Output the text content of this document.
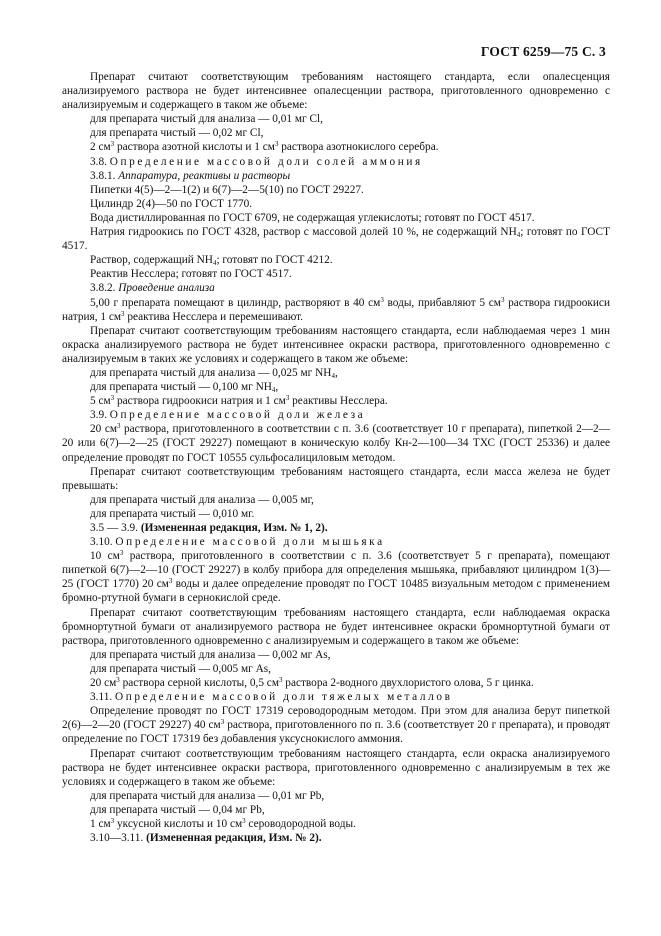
ГОСТ 6259—75 С. 3

Препарат считают соответствующим требованиям настоящего стандарта, если опалесценция анализируемого раствора не будет интенсивнее опалесценции раствора, приготовленного одновременно с анализируемым и содержащего в таком же объеме:

для препарата чистый для анализа — 0,01 мг Cl,

для препарата чистый — 0,02 мг Cl,

2 $см^3$ раствора азотной кислоты и 1 $см^3$ раствора азотнокислого серебра.

3.8. Определение массовой доли солей аммония

3.8.1. Аппаратура, реактивы и растворы

Пипетки 4(5)—2—1(2) и 6(7)—2—5(10) по ГОСТ 29227.

Цилиндр 2(4)—50 по ГОСТ 1770.

Вода дистиллированная по ГОСТ 6709, не содержащая углекислоты; готовят по ГОСТ 4517.

Натрия гидроокись по ГОСТ 4328, раствор с массовой долей 10 %, не содержащий $NH_4$; готовят по ГОСТ 4517.

Раствор, содержащий $NH_4$; готовят по ГОСТ 4212.

Реактив Несслера; готовят по ГОСТ 4517.

3.8.2. Проведение анализа

5,00 г препарата помещают в цилиндр, растворяют в 40 $см^3$ воды, прибавляют 5 $см^3$ раствора гидроокиси натрия, 1 $см^3$ реактива Несслера и перемешивают.

Препарат считают соответствующим требованиям настоящего стандарта, если наблюдаемая через 1 мин окраска анализируемого раствора не будет интенсивнее окраски раствора, приготовленного одновременно с анализируемым в таких же условиях и содержащего в таком же объеме:

для препарата чистый для анализа — 0,025 мг $NH_4$,

для препарата чистый — 0,100 мг $NH_4$,

5 $см^3$ раствора гидроокиси натрия и 1 $см^3$ реактивы Несслера.

3.9. Определение массовой доли железа

20 $см^3$ раствора, приготовленного в соответствии с п. 3.6 (соответствует 10 г препарата), пипеткой 2—2—20 или 6(7)—2—25 (ГОСТ 29227) помещают в коническую колбу Кн-2—100—34 ТХС (ГОСТ 25336) и далее определение проводят по ГОСТ 10555 сульфосалициловым методом.

Препарат считают соответствующим требованиям настоящего стандарта, если масса железа не будет превышать:

для препарата чистый для анализа — 0,005 мг,

для препарата чистый — 0,010 мг.

3.5 — 3.9. (Измененная редакция, Изм. № 1, 2).

3.10. Определение массовой доли мышьяка

10 $см^3$ раствора, приготовленного в соответствии с п. 3.6 (соответствует 5 г препарата), помещают пипеткой 6(7)—2—10 (ГОСТ 29227) в колбу прибора для определения мышьяка, прибавляют цилиндром 1(3)—25 (ГОСТ 1770) 20 $см^3$ воды и далее определение проводят по ГОСТ 10485 визуальным методом с применением бромно-ртутной бумаги в сернокислой среде.

Препарат считают соответствующим требованиям настоящего стандарта, если наблюдаемая окраска бромнортутной бумаги от анализируемого раствора не будет интенсивнее окраски бромнортутной бумаги от раствора, приготовленного одновременно с анализируемым и содержащего в таком же объеме:

для препарата чистый для анализа — 0,002 мг As,

для препарата чистый — 0,005 мг As,

20 $см^3$ раствора серной кислоты, 0,5 $см^3$ раствора 2-водного двухлористого олова, 5 г цинка.

3.11. Определение массовой доли тяжелых металлов

Определение проводят по ГОСТ 17319 сероводородным методом. При этом для анализа берут пипеткой 2(6)—2—20 (ГОСТ 29227) 40 $см^3$ раствора, приготовленного по п. 3.6 (соответствует 20 г препарата), и проводят определение по ГОСТ 17319 без добавления уксуснокислого аммония.

Препарат считают соответствующим требованиям настоящего стандарта, если окраска анализируемого раствора не будет интенсивнее окраски раствора, приготовленного одновременно с анализируемым в тех же условиях и содержащего в таком же объеме:

для препарата чистый для анализа — 0,01 мг Pb,

для препарата чистый — 0,04 мг Pb,

1 $см^3$ уксусной кислоты и 10 $см^3$ сероводородной воды.

3.10—3.11. (Измененная редакция, Изм. № 2).
